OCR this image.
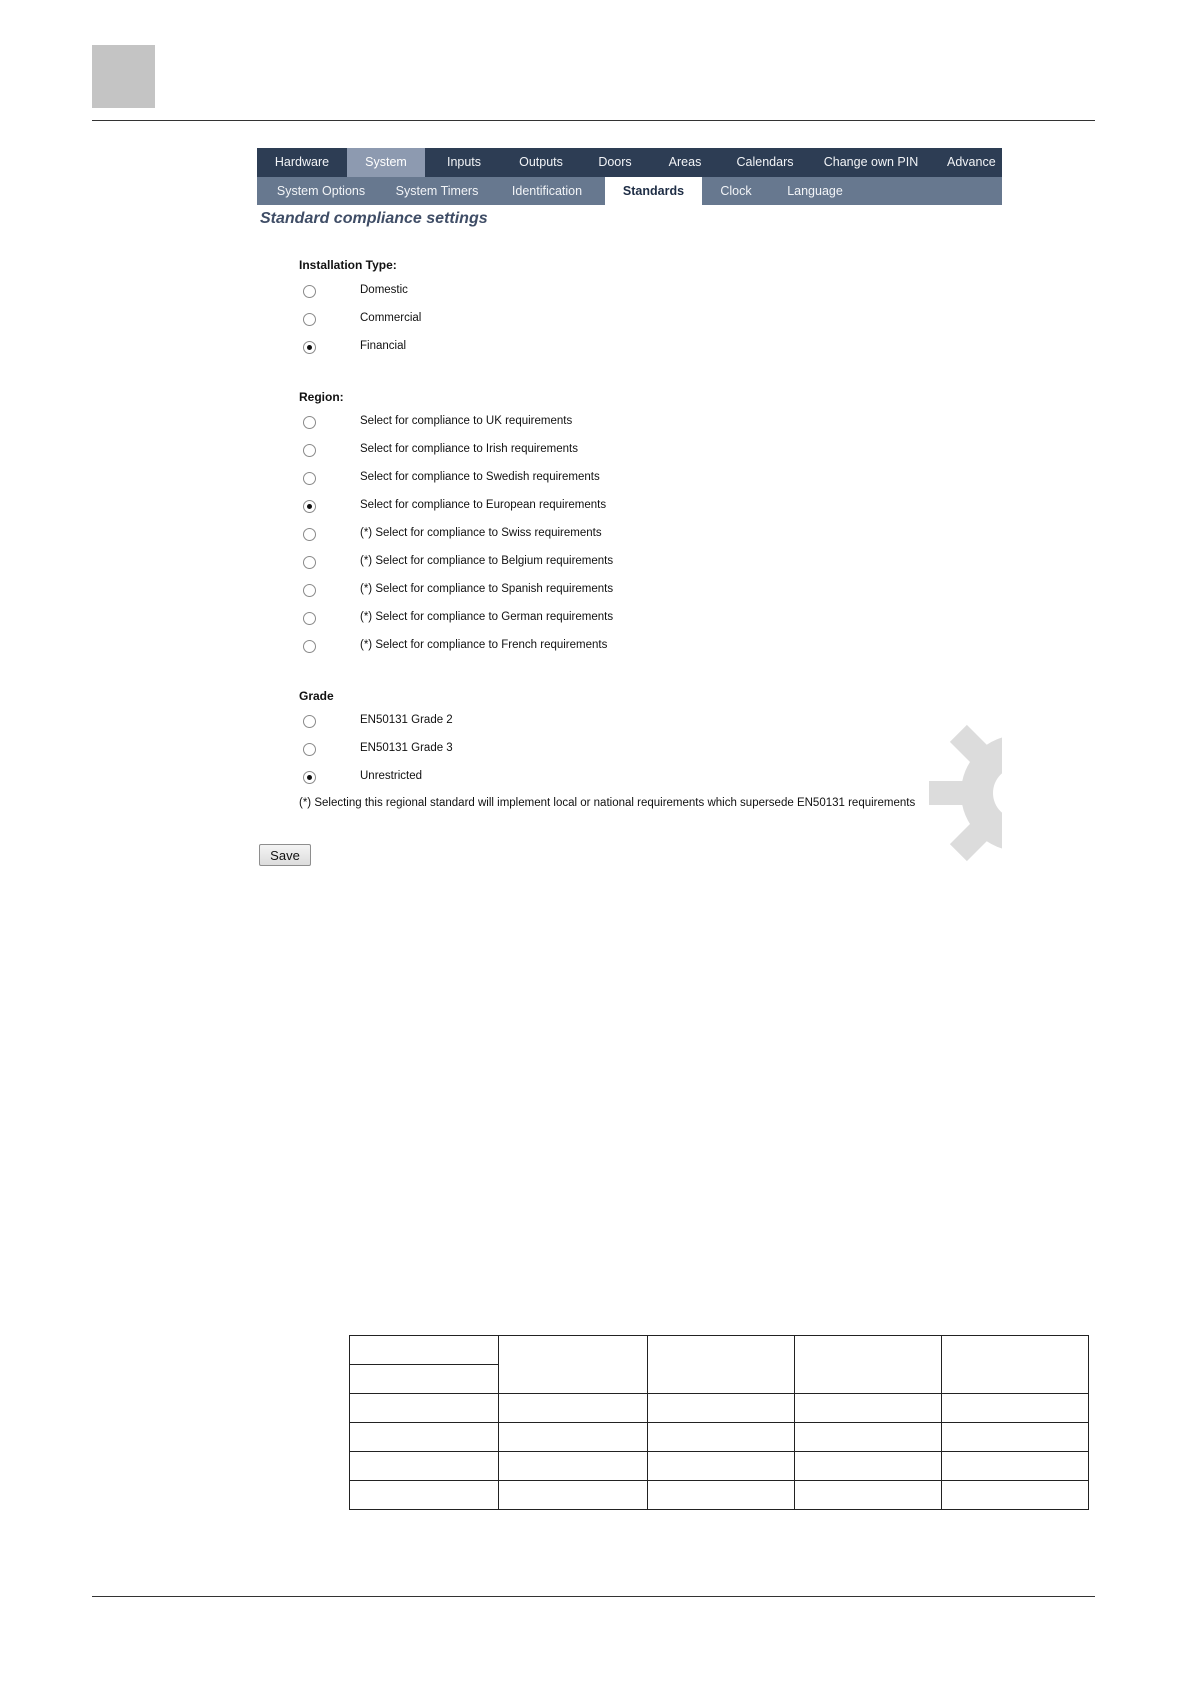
Hardware	System	Inputs	Outputs	Doors	Areas	Calendars	Change own PIN	Advance
System Options	System Timers	Identification	Standards	Clock	Language
Standard compliance settings
Installation Type:
Domestic
Commercial
Financial
Region:
Select for compliance to UK requirements
Select for compliance to Irish requirements
Select for compliance to Swedish requirements
Select for compliance to European requirements
(*) Select for compliance to Swiss requirements
(*) Select for compliance to Belgium requirements
(*) Select for compliance to Spanish requirements
(*) Select for compliance to German requirements
(*) Select for compliance to French requirements
Grade
EN50131 Grade 2
EN50131 Grade 3
Unrestricted
(*) Selecting this regional standard will implement local or national requirements which supersede EN50131 requirements
Save
